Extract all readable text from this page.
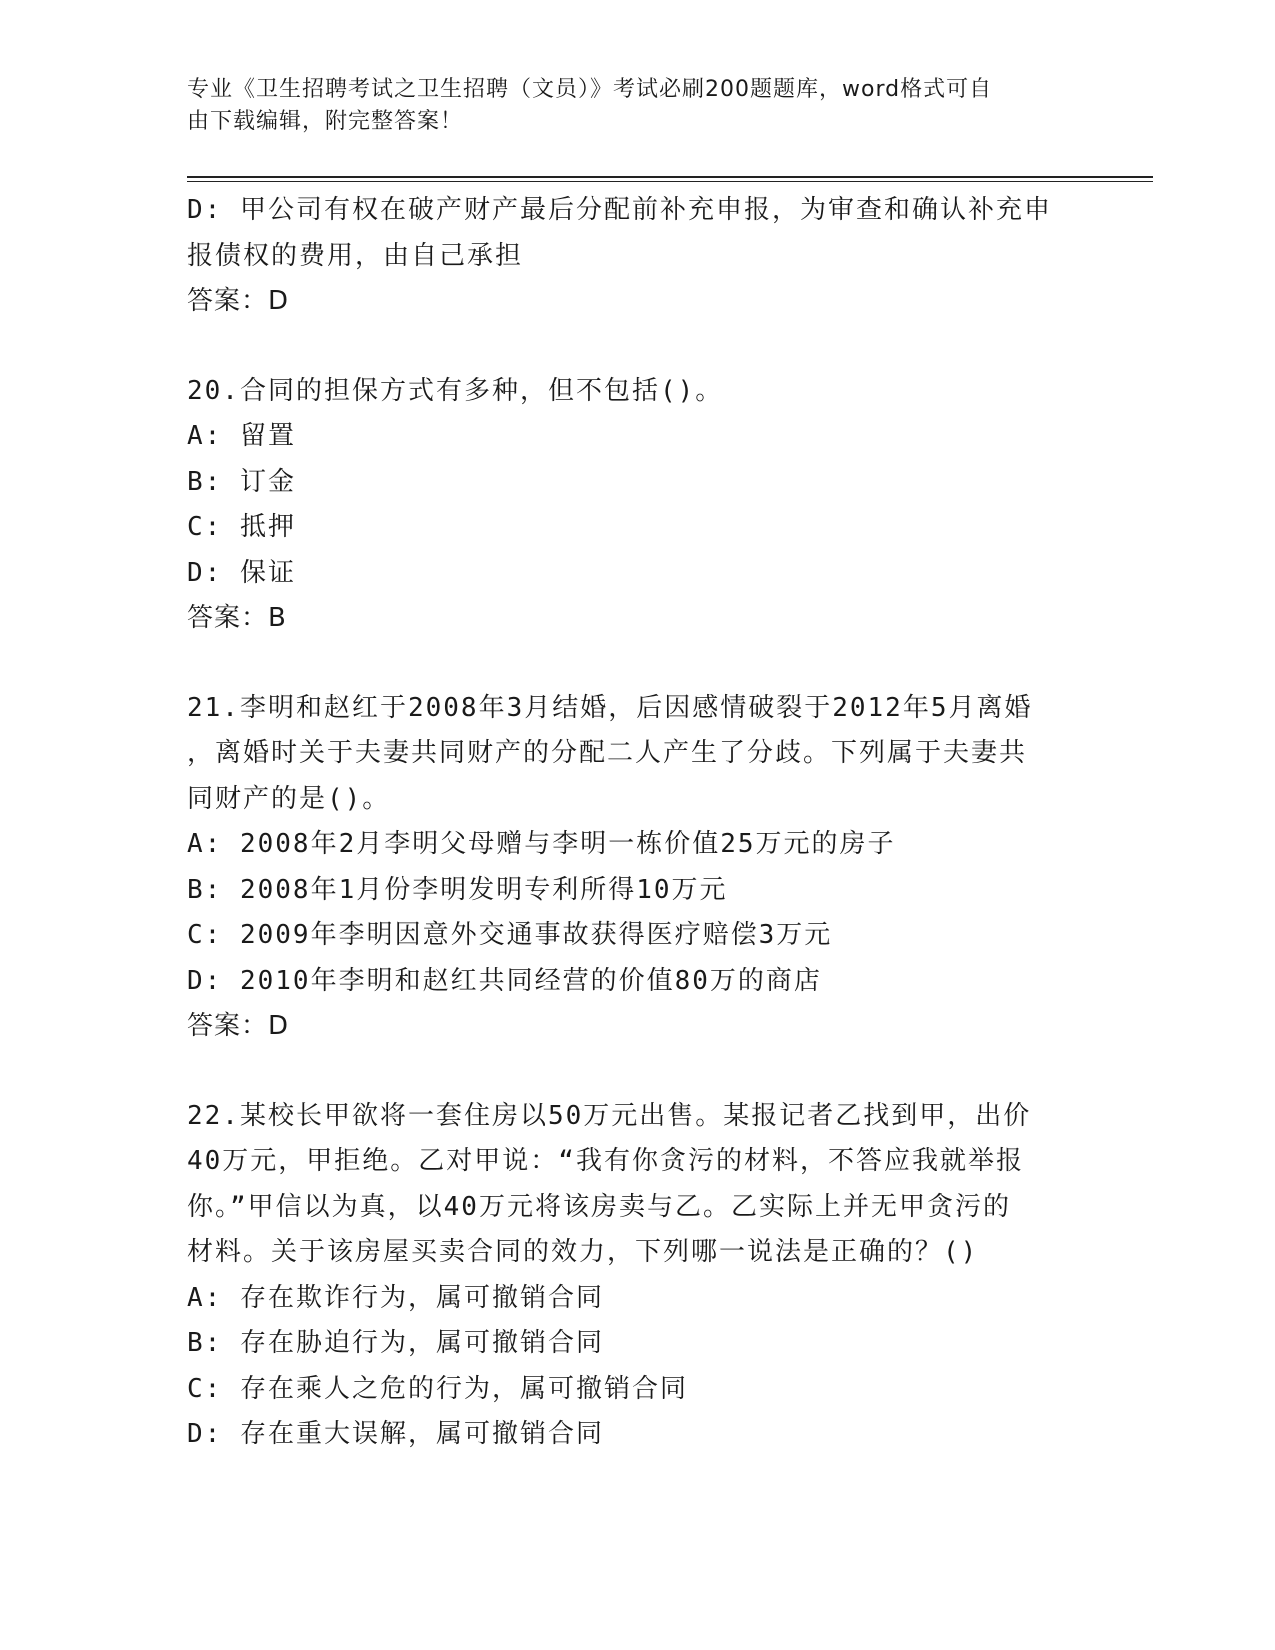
专业《卫生招聘考试之卫生招聘（文员）》考试必刷200题题库，word格式可自
由下载编辑，附完整答案！
D: 甲公司有权在破产财产最后分配前补充申报，为审查和确认补充申
报债权的费用，由自己承担
答案：D
20.合同的担保方式有多种，但不包括()。
A: 留置
B: 订金
C: 抵押
D: 保证
答案：B
21.李明和赵红于2008年3月结婚，后因感情破裂于2012年5月离婚
，离婚时关于夫妻共同财产的分配二人产生了分歧。下列属于夫妻共
同财产的是()。
A: 2008年2月李明父母赠与李明一栋价值25万元的房子
B: 2008年1月份李明发明专利所得10万元
C: 2009年李明因意外交通事故获得医疗赔偿3万元
D: 2010年李明和赵红共同经营的价值80万的商店
答案：D
22.某校长甲欲将一套住房以50万元出售。某报记者乙找到甲，出价
40万元，甲拒绝。乙对甲说：“我有你贪污的材料，不答应我就举报
你。”甲信以为真，以40万元将该房卖与乙。乙实际上并无甲贪污的
材料。关于该房屋买卖合同的效力，下列哪一说法是正确的？()
A: 存在欺诈行为，属可撤销合同
B: 存在胁迫行为，属可撤销合同
C: 存在乘人之危的行为，属可撤销合同
D: 存在重大误解，属可撤销合同
